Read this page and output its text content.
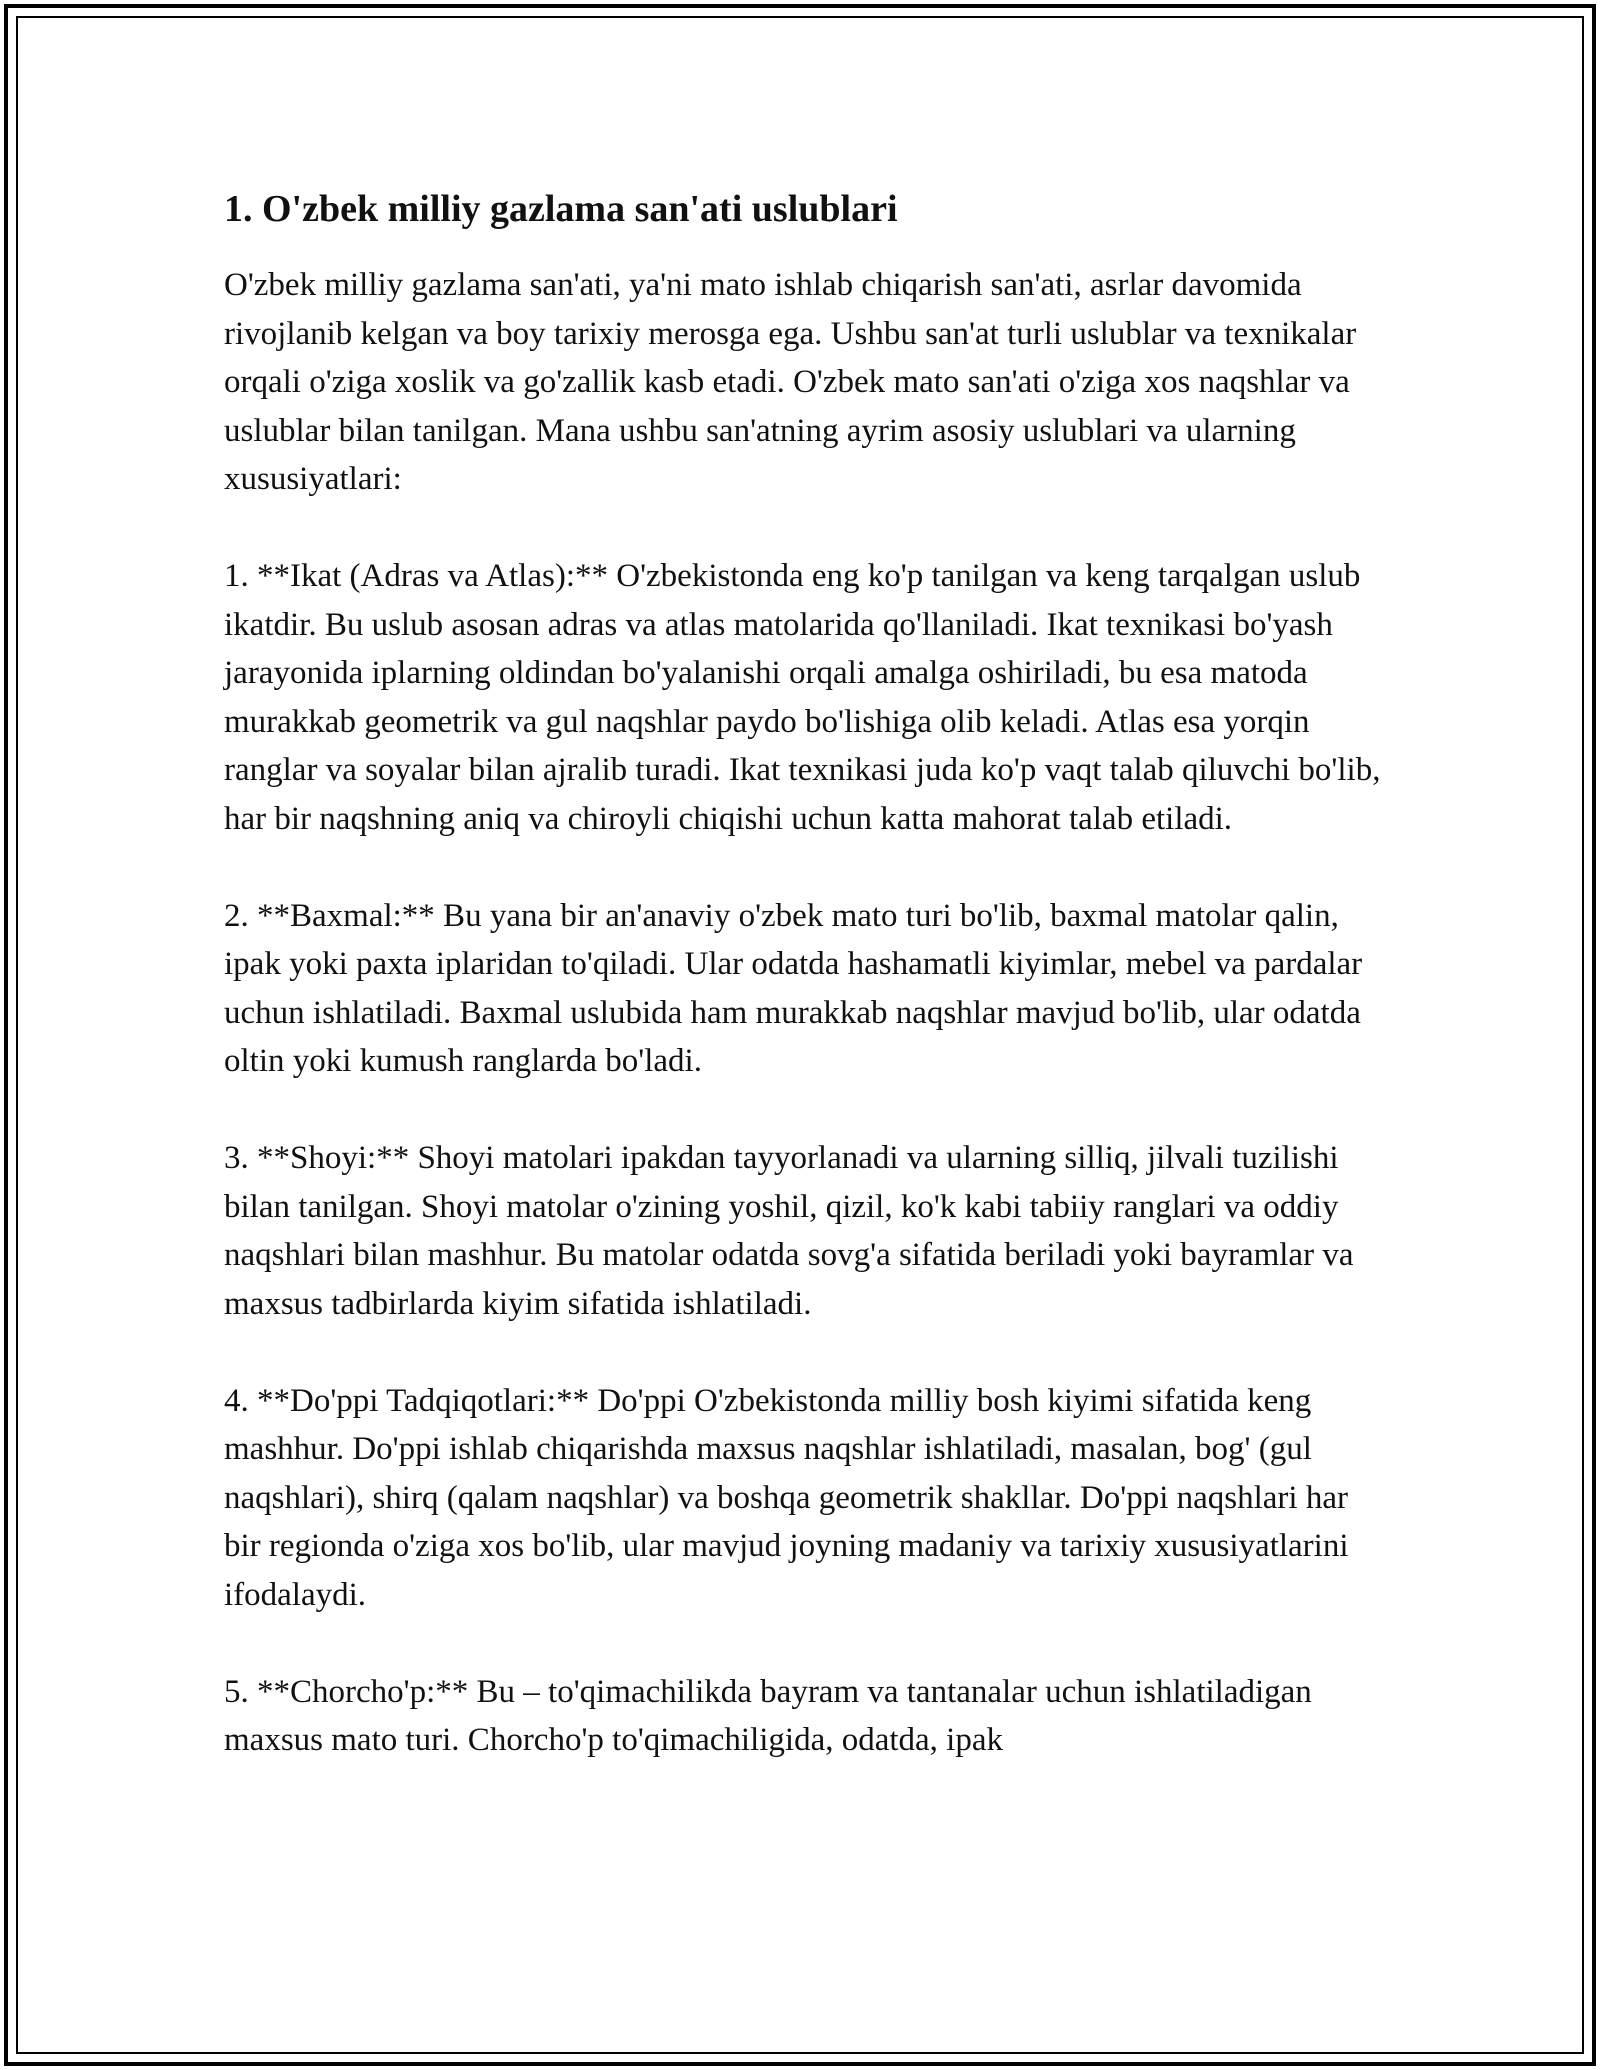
1. O'zbek milliy gazlama san'ati uslublari
O'zbek milliy gazlama san'ati, ya'ni mato ishlab chiqarish san'ati, asrlar davomida rivojlanib kelgan va boy tarixiy merosga ega. Ushbu san'at turli uslublar va texnikalar orqali o'ziga xoslik va go'zallik kasb etadi. O'zbek mato san'ati o'ziga xos naqshlar va uslublar bilan tanilgan. Mana ushbu san'atning ayrim asosiy uslublari va ularning xususiyatlari:
1. **Ikat (Adras va Atlas):** O'zbekistonda eng ko'p tanilgan va keng tarqalgan uslub ikatdir. Bu uslub asosan adras va atlas matolarida qo'llaniladi. Ikat texnikasi bo'yash jarayonida iplarning oldindan bo'yalanishi orqali amalga oshiriladi, bu esa matoda murakkab geometrik va gul naqshlar paydo bo'lishiga olib keladi. Atlas esa yorqin ranglar va soyalar bilan ajralib turadi. Ikat texnikasi juda ko'p vaqt talab qiluvchi bo'lib, har bir naqshning aniq va chiroyli chiqishi uchun katta mahorat talab etiladi.
2. **Baxmal:** Bu yana bir an'anaviy o'zbek mato turi bo'lib, baxmal matolar qalin, ipak yoki paxta iplaridan to'qiladi. Ular odatda hashamatli kiyimlar, mebel va pardalar uchun ishlatiladi. Baxmal uslubida ham murakkab naqshlar mavjud bo'lib, ular odatda oltin yoki kumush ranglarda bo'ladi.
3. **Shoyi:** Shoyi matolari ipakdan tayyorlanadi va ularning silliq, jilvali tuzilishi bilan tanilgan. Shoyi matolar o'zining yoshil, qizil, ko'k kabi tabiiy ranglari va oddiy naqshlari bilan mashhur. Bu matolar odatda sovg'a sifatida beriladi yoki bayramlar va maxsus tadbirlarda kiyim sifatida ishlatiladi.
4. **Do'ppi Tadqiqotlari:** Do'ppi O'zbekistonda milliy bosh kiyimi sifatida keng mashhur. Do'ppi ishlab chiqarishda maxsus naqshlar ishlatiladi, masalan, bog' (gul naqshlari), shirq (qalam naqshlar) va boshqa geometrik shakllar. Do'ppi naqshlari har bir regionda o'ziga xos bo'lib, ular mavjud joyning madaniy va tarixiy xususiyatlarini ifodalaydi.
5. **Chorcho'p:** Bu – to'qimachilikda bayram va tantanalar uchun ishlatiladigan maxsus mato turi. Chorcho'p to'qimachiligida, odatda, ipak
